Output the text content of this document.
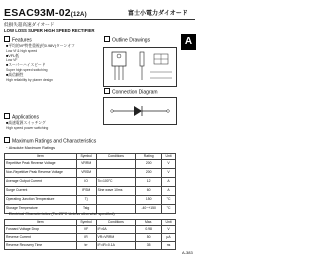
ESAC93M-02(12A)	富士小電力ダイオード
低損失超高速ダイオード
LOW LOSS SUPER HIGH SPEED RECTIFIER
A
Features
■平均的VF特性重視(約0.98V)ターンオフ
Low Vf & high speed
■VFL低
Low VF
■スーパーハイスピード
Super high speed switching
■高信頼性
High reliability by planer design
Outline Drawings
Connection Diagram
Applications
■高速電源スイッチング
High speed power switching
Maximum Ratings and Characteristics
・Absolute Maximum Ratings
Item	Symbol	Conditions	Rating	Unit
Repetitive Peak Reverse Voltage	VRRM		200	V
Non-Repetitive Peak Reverse Voltage	VRSM		200	V
Average Output Current	IO	Tc=100°C	12	A
Surge Current	IFSM	Sine wave 10ms	60	A
Operating Junction Temperature	Tj		150	°C
Storage Temperature	Tstg		-40~+150	°C
・Electrical Characteristics (Ta=25°C Unless otherwise specified)
Item	Symbol	Conditions	Max.	Unit
Forward Voltage Drop	VF	IF=6A	0.98	V
Reverse Current	IR	VR=VRRM	50	μA
Reverse Recovery Time	trr	IF=IR=0.1A	35	ns
A-383
